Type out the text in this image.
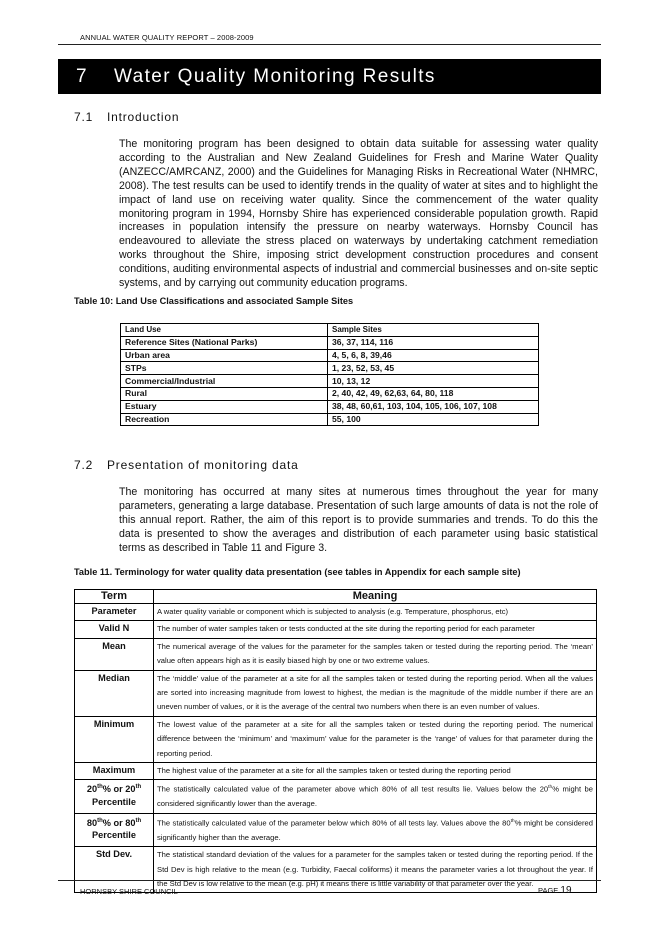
ANNUAL WATER QUALITY REPORT – 2008-2009
7	Water Quality Monitoring Results
7.1 Introduction
The monitoring program has been designed to obtain data suitable for assessing water quality according to the Australian and New Zealand Guidelines for Fresh and Marine Water Quality (ANZECC/AMRCANZ, 2000) and the Guidelines for Managing Risks in Recreational Water (NHMRC, 2008). The test results can be used to identify trends in the quality of water at sites and to highlight the impact of land use on receiving water quality. Since the commencement of the water quality monitoring program in 1994, Hornsby Shire has experienced considerable population growth. Rapid increases in population intensify the pressure on nearby waterways. Hornsby Council has endeavoured to alleviate the stress placed on waterways by undertaking catchment remediation works throughout the Shire, imposing strict development construction procedures and consent conditions, auditing environmental aspects of industrial and commercial businesses and on-site septic systems, and by carrying out community education programs.
Table 10: Land Use Classifications and associated Sample Sites
Land Use	Sample Sites
Reference Sites (National Parks)	36, 37, 114, 116
Urban area	4, 5, 6, 8, 39,46
STPs	1, 23, 52, 53, 45
Commercial/Industrial	10, 13, 12
Rural	2, 40, 42, 49, 62,63, 64, 80, 118
Estuary	38, 48, 60,61, 103, 104, 105, 106, 107, 108
Recreation	55, 100
7.2 Presentation of monitoring data
The monitoring has occurred at many sites at numerous times throughout the year for many parameters, generating a large database. Presentation of such large amounts of data is not the role of this annual report. Rather, the aim of this report is to provide summaries and trends. To do this the data is presented to show the averages and distribution of each parameter using basic statistical terms as described in Table 11 and Figure 3.
Table 11. Terminology for water quality data presentation (see tables in Appendix for each sample site)
Term	Meaning

Parameter	A water quality variable or component which is subjected to analysis (e.g. Temperature, phosphorus, etc)

Valid N	The number of water samples taken or tests conducted at the site during the reporting period for each parameter

Mean	The numerical average of the values for the parameter for the samples taken or tested during the reporting period. The ‘mean’ value often appears high as it is easily biased high by one or two extreme values.

Median	The ‘middle’ value of the parameter at a site for all the samples taken or tested during the reporting period. When all the values are sorted into increasing magnitude from lowest to highest, the median is the magnitude of the middle number if there are an uneven number of values, or it is the average of the central two numbers when there is an even number of values.

Minimum	The lowest value of the parameter at a site for all the samples taken or tested during the reporting period. The numerical difference between the ‘minimum’ and ‘maximum’ value for the parameter is the ‘range’ of values for that parameter during the reporting period.

Maximum	The highest value of the parameter at a site for all the samples taken or tested during the reporting period

20th% or 20th
Percentile	The statistically calculated value of the parameter above which 80% of all test results lie. Values below the 20th% might be considered significantly lower than the average.

80th% or 80th
Percentile	The statistically calculated value of the parameter below which 80% of all tests lay. Values above the 80th% might be considered significantly higher than the average.

Std Dev.	The statistical standard deviation of the values for a parameter for the samples taken or tested during the reporting period. If the Std Dev is high relative to the mean (e.g. Turbidity, Faecal coliforms) it means the parameter varies a lot throughout the year. If the Std Dev is low relative to the mean (e.g. pH) it means there is little variability of that parameter over the year.
HORNSBY SHIRE COUNCIL	PAGE 19
